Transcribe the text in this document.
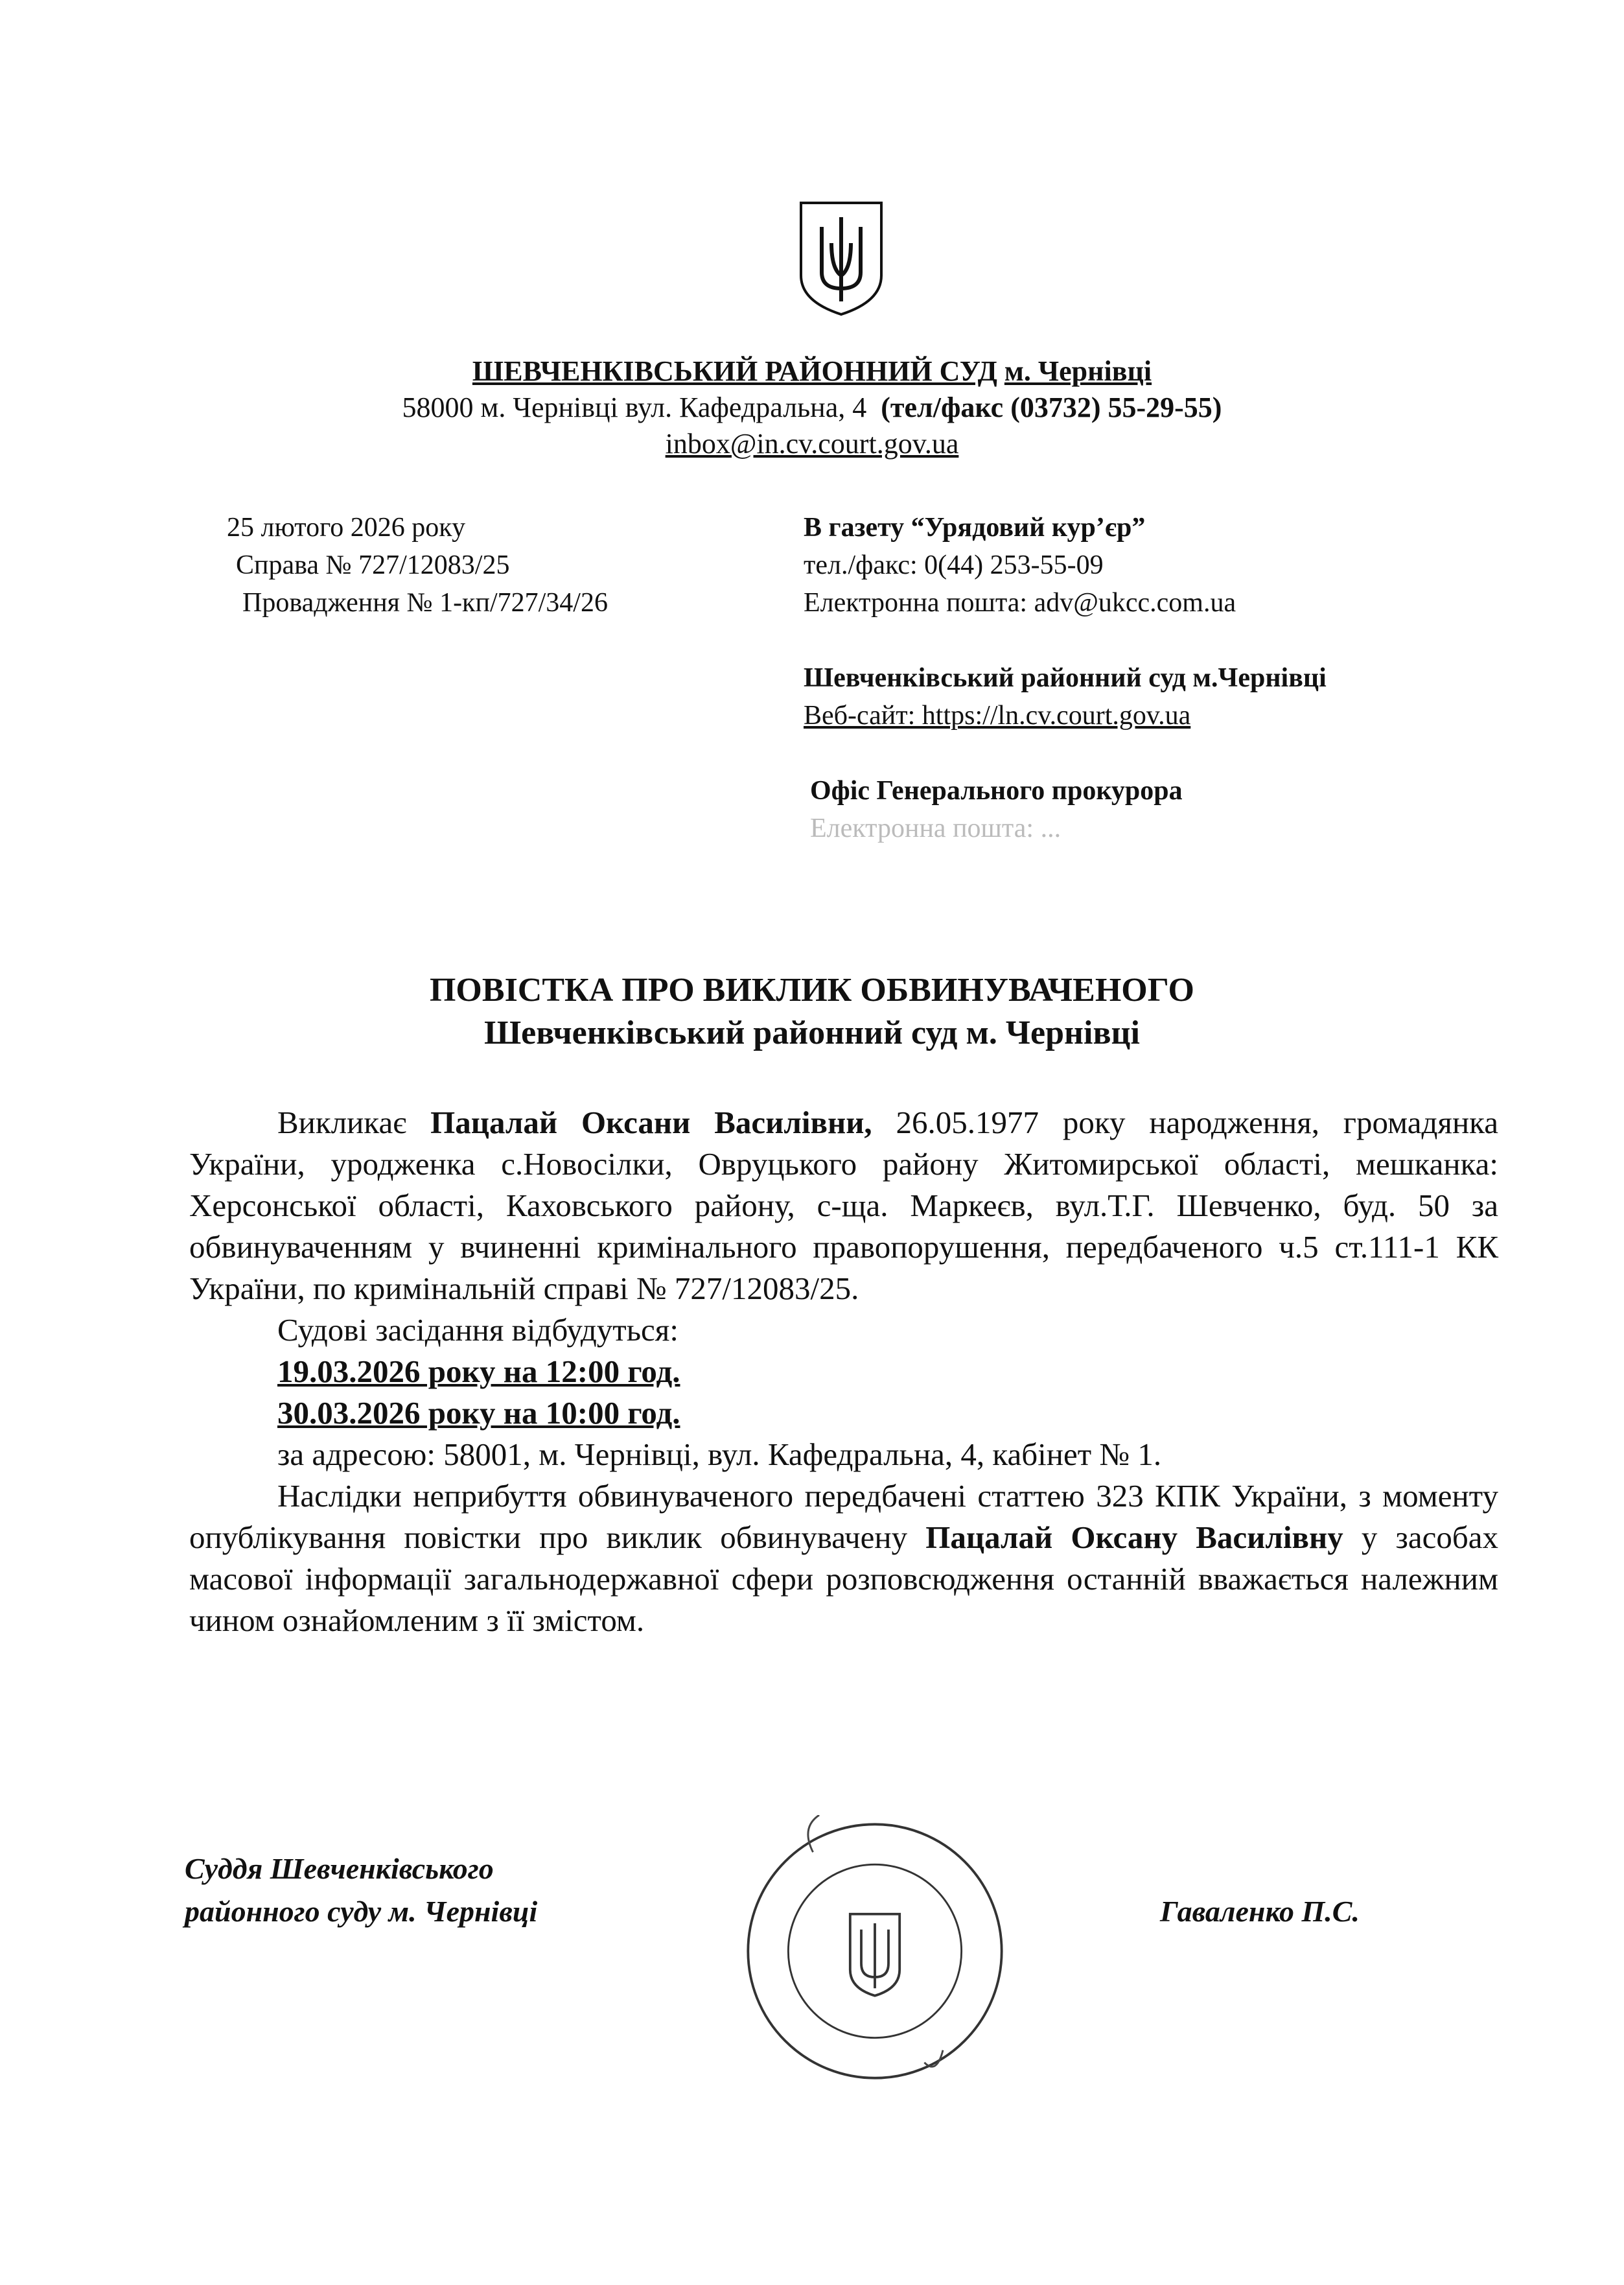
ШЕВЧЕНКІВСЬКИЙ РАЙОННИЙ СУД м. Чернівці
58000 м. Чернівці вул. Кафедральна, 4 (тел/факс (03732) 55-29-55)
inbox@in.cv.court.gov.ua
25 лютого 2026 року
Справа № 727/12083/25
Провадження № 1-кп/727/34/26
В газету “Урядовий кур’єр”
тел./факс: 0(44) 253-55-09
Електронна пошта: adv@ukcc.com.ua
Шевченківський районний суд м.Чернівці
Веб-сайт: https://ln.cv.court.gov.ua
Офіс Генерального прокурора
Електронна пошта: ...
ПОВІСТКА ПРО ВИКЛИК ОБВИНУВАЧЕНОГО
Шевченківський районний суд м. Чернівці

Викликає Пацалай Оксани Василівни, 26.05.1977 року народження, громадянка України, уродженка с.Новосілки, Овруцького району Житомирської області, мешканка: Херсонської області, Каховського району, с-ща. Маркеєв, вул.Т.Г. Шевченко, буд. 50 за обвинуваченням у вчиненні кримінального правопорушення, передбаченого ч.5 ст.111-1 КК України, по кримінальній справі № 727/12083/25.

Судові засідання відбудуться:

19.03.2026 року на 12:00 год.
30.03.2026 року на 10:00 год.
за адресою: 58001, м. Чернівці, вул. Кафедральна, 4, кабінет № 1.

Наслідки неприбуття обвинуваченого передбачені статтею 323 КПК України, з моменту опублікування повістки про виклик обвинувачену Пацалай Оксану Василівну у засобах масової інформації загальнодержавної сфери розповсюдження останній вважається належним чином ознайомленим з її змістом.

Суддя Шевченківського
районного суду м. Чернівці	Гаваленко П.С.
